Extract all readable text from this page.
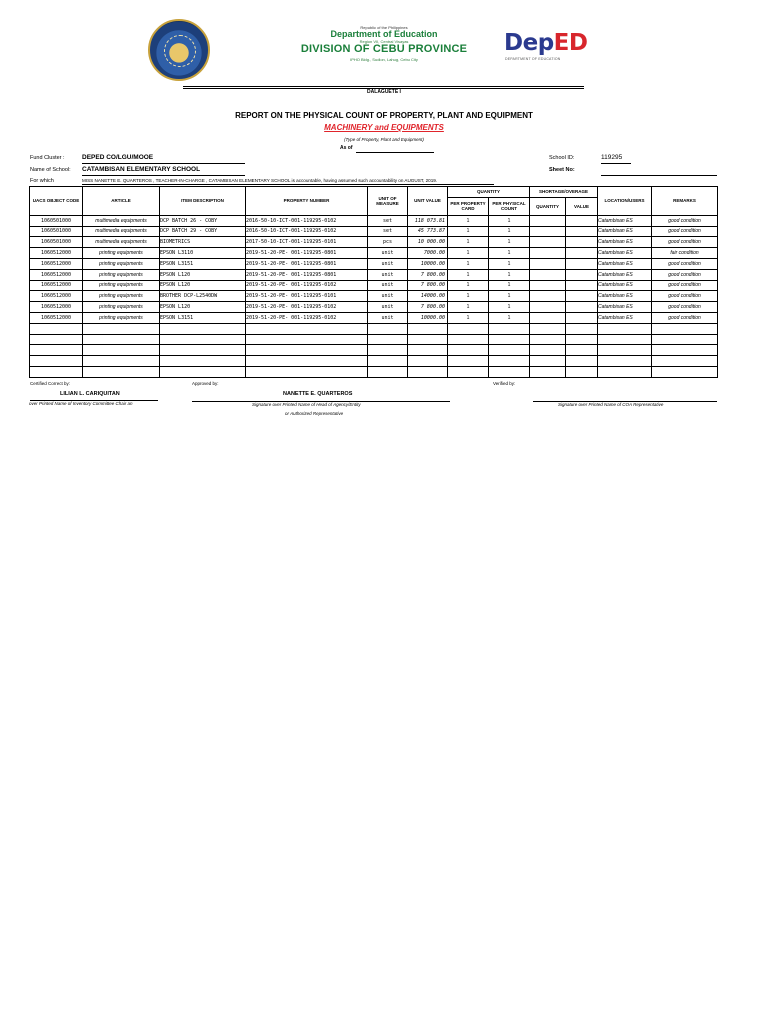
Republic of the Philippines
Department of Education
Region VII, Central Visayas
DIVISION OF CEBU PROVINCE
IPHO Bldg., Sudlon, Lahug, Cebu City
DepED
DEPARTMENT OF EDUCATION
DALAGUETE I
REPORT ON THE PHYSICAL COUNT OF PROPERTY, PLANT AND EQUIPMENT
MACHINERY and EQUIPMENTS
(Type of Property, Plant and Equipment)
As of
Fund Cluster :	DEPED CO/LGU/MOOE
Name of School: CATAMBISAN ELEMENTARY SCHOOL
For which	MISS NANETTE E. QUARTEROS , TEACHER-IN-CHARGE , CATAMBISAN ELEMENTARY SCHOOL is accountable, having assumed such accountability on AUGUST, 2019.
School ID:	119295
Sheet No:
UACS OBJECT CODE	ARTICLE	ITEM DESCRIPTION	PROPERTY NUMBER	UNIT OF MEASURE	UNIT VALUE	QUANTITY		SHORTAGE/OVERAGE		LOCATION/USERS	REMARKS
						PER PROPERTY CARD	PER PHYSICAL COUNT	QUANTITY	VALUE		
1060501000	multimedia equipments	DCP BATCH 26 - COBY	2016-50-10-ICT-001-119295-0102	set	118 073.81	1	1			Catambisan ES	good condition
1060501000	multimedia equipments	DCP BATCH 29 - COBY	2016-50-10-ICT-001-119295-0102	set	45 773.87	1	1			Catambisan ES	good condition
1060501000	multimedia equipments	BIOMETRICS	2017-50-10-ICT-001-119295-0101	pcs	10 000.00	1	1			Catambisan ES	good condition
1060512000	printing equipments	EPSON L3110	2019-51-20-PE- 001-119295-0801	unit	7000.00	1	1			Catambisan ES	fair condition
1060512000	printing equipments	EPSON L3151	2019-51-20-PE- 001-119295-0801	unit	10000.00	1	1			Catambisan ES	good condition
1060512000	printing equipments	EPSON L120	2019-51-20-PE- 001-119295-0801	unit	7 800.00	1	1			Catambisan ES	good condition
1060512000	printing equipments	EPSON L120	2019-51-20-PE- 001-119295-0102	unit	7 800.00	1	1			Catambisan ES	good condition
1060512000	printing equipments	BROTHER DCP-L2540DW	2019-51-20-PE- 001-119295-0101	unit	14000.00	1	1			Catambisan ES	good condition
1060512000	printing equipments	EPSON L120	2019-51-20-PE- 001-119295-0102	unit	7 800.00	1	1			Catambisan ES	good condition
1060512000	printing equipments	EPSON L3151	2019-51-20-PE- 001-119295-0102	unit	10000.00	1	1			Catambisan ES	good condition

Certified Correct by:
LILIAN L. CARIQUITAN
over Printed Name of Inventory Committee Chair an
Approved by:
NANETTE E. QUARTEROS
Signature over Printed Name of Head of Agency/Entity
or Authorized Representative
Verified by:
Signature over Printed Name of COA Representative
